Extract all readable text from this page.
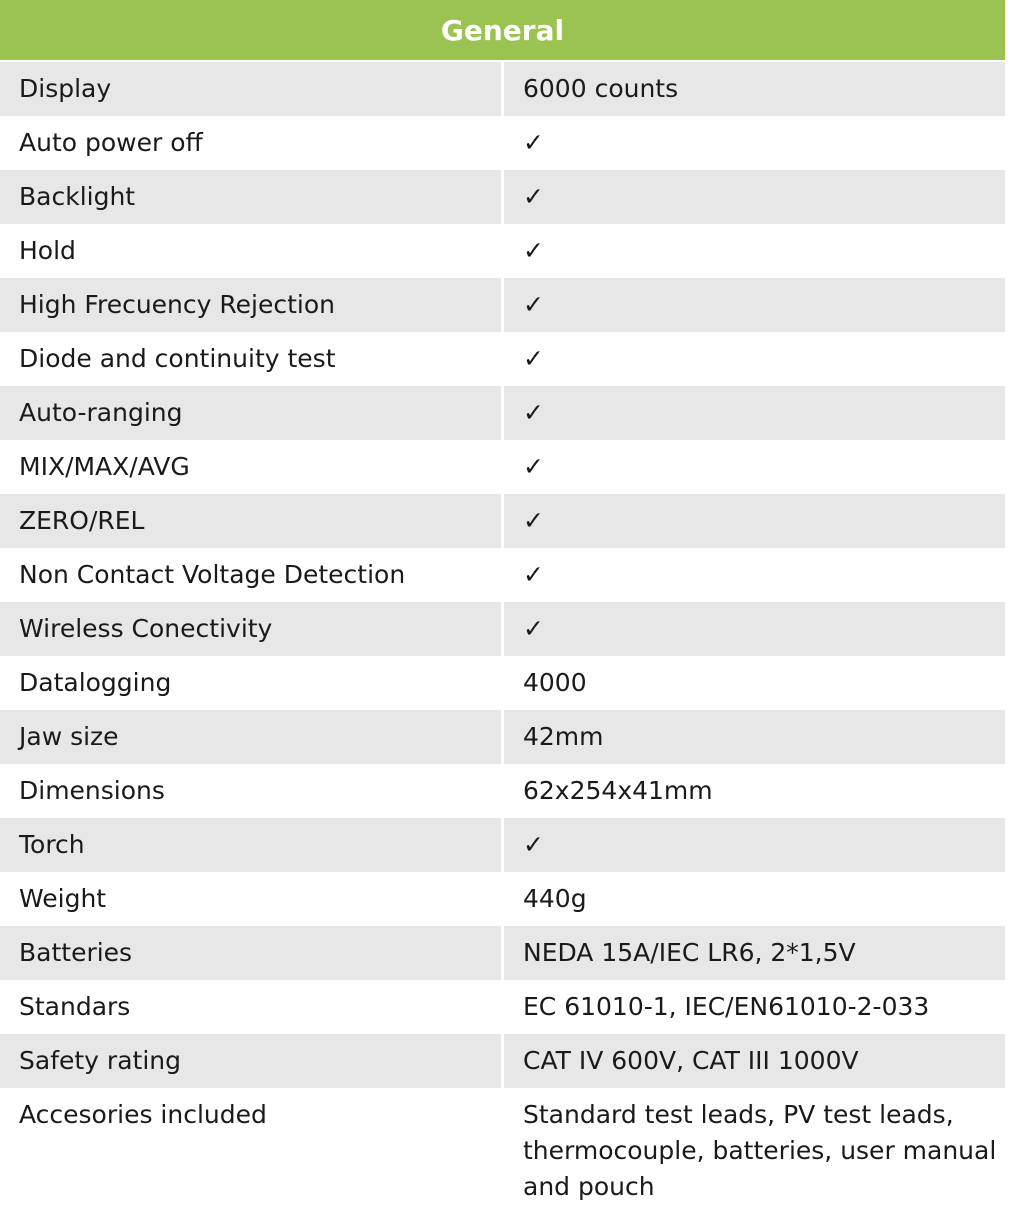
General	
Display	6000 counts
Auto power off	✓
Backlight	✓
Hold	✓
High Frecuency Rejection	✓
Diode and continuity test	✓
Auto-ranging	✓
MIX/MAX/AVG	✓
ZERO/REL	✓
Non Contact Voltage Detection	✓
Wireless Conectivity	✓
Datalogging	4000
Jaw size	42mm
Dimensions	62x254x41mm
Torch	✓
Weight	440g
Batteries	NEDA 15A/IEC LR6, 2*1,5V
Standars	EC 61010-1, IEC/EN61010-2-033
Safety rating	CAT IV 600V, CAT III 1000V
Accesories included	Standard test leads, PV test leads, thermocouple, batteries, user manual and pouch
